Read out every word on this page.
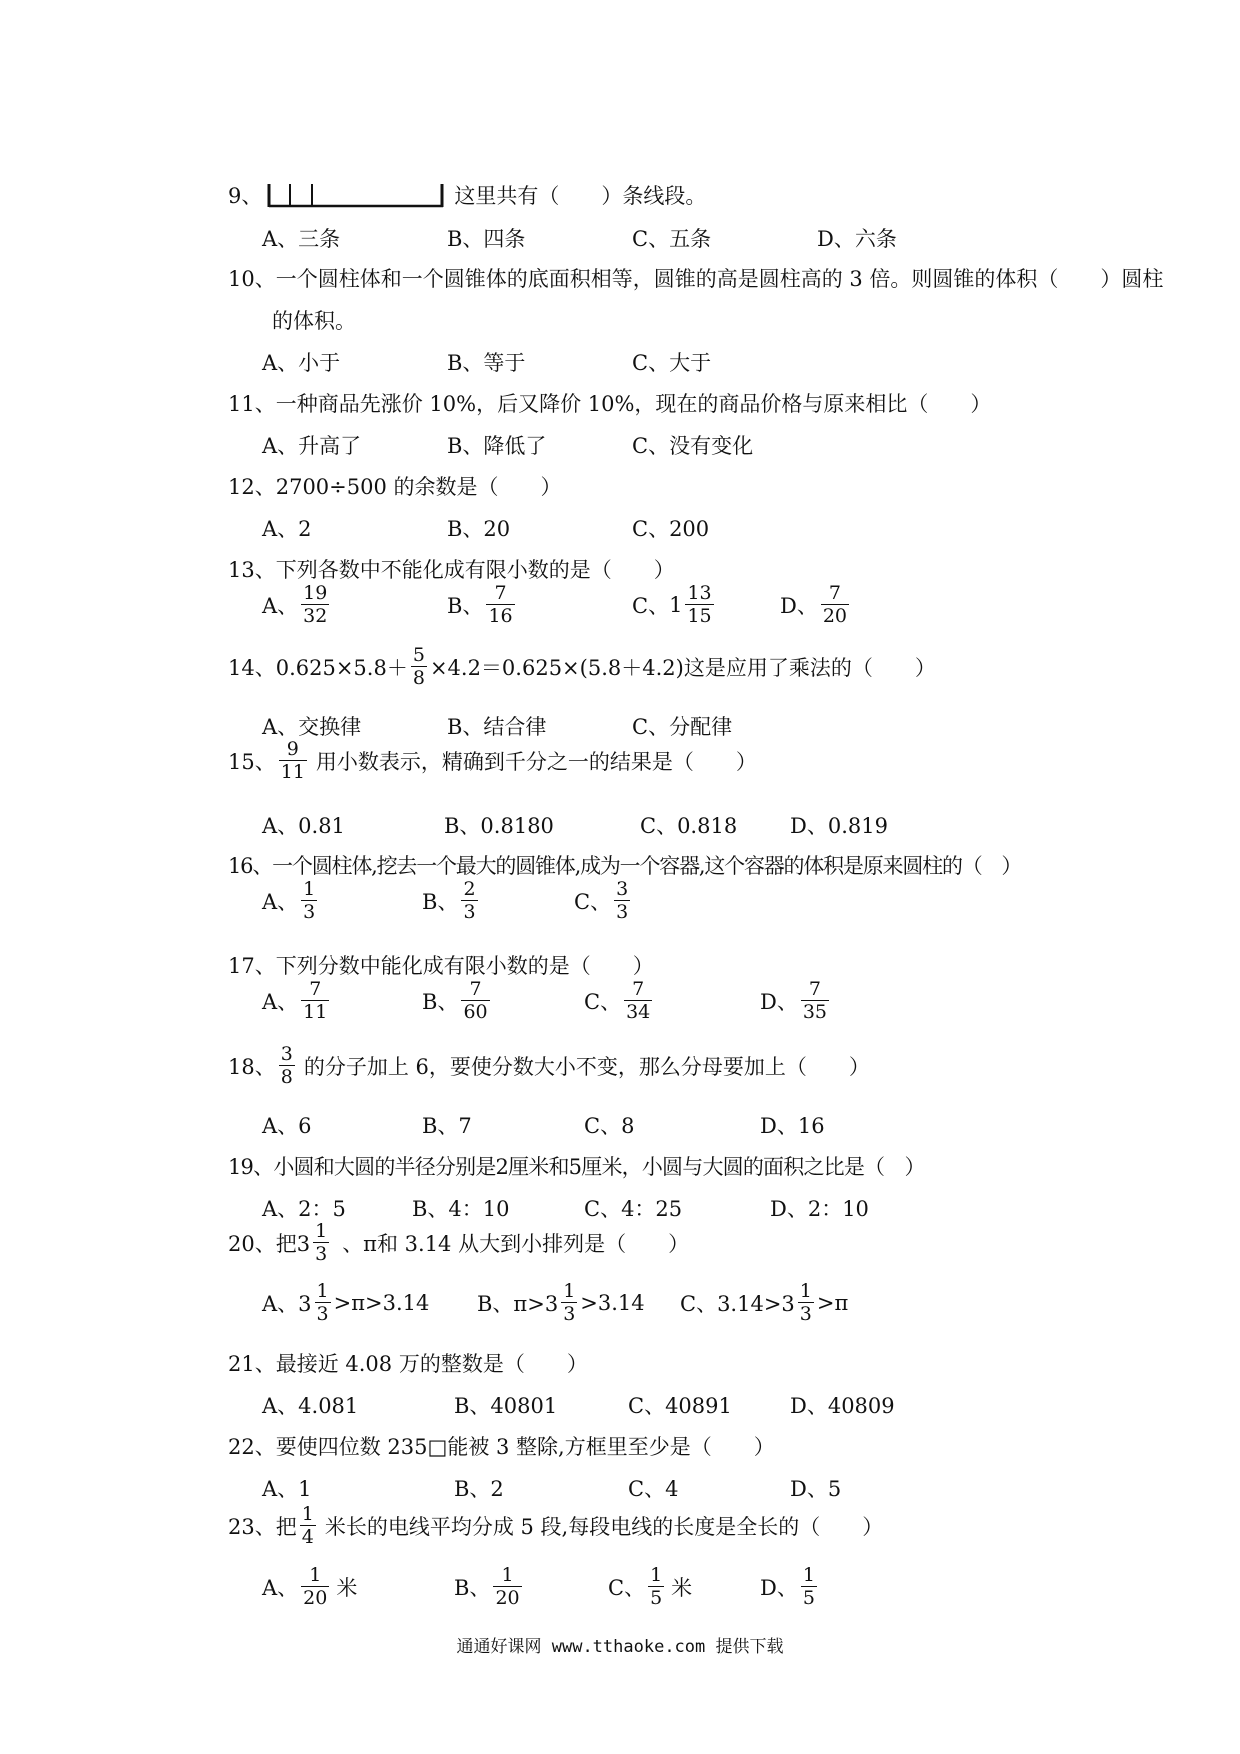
9、	这里共有（　　）条线段。
A、三条	B、四条	C、五条	D、六条
10、一个圆柱体和一个圆锥体的底面积相等，圆锥的高是圆柱高的 3 倍。则圆锥的体积（　　）圆柱
的体积。
A、小于	B、等于	C、大于
11、一种商品先涨价 10%，后又降价 10%，现在的商品价格与原来相比（　　）
A、升高了	B、降低了	C、没有变化
12、2700÷500 的余数是（　　）
A、2	B、20	C、200
13、下列各数中不能化成有限小数的是（　　）
A、 $\frac{19}{32}$	B、 $\frac{7}{16}$	C、 $1 \frac{13}{15}$	D、 $\frac{7}{20}$
14、$0.625\times 5.8+ \frac{5}{8} \times 4.2=0.625\times(5.8+4.2)$这是应用了乘法的（　　）
A、交换律	B、结合律	C、分配律
15、 $\frac{9}{11}$ 用小数表示，精确到千分之一的结果是（　　）
A、0.81	B、0.8180	C、0.818	D、0.819
16、一个圆柱体,挖去一个最大的圆锥体,成为一个容器,这个容器的体积是原来圆柱的（　）
A、 $\frac{1}{3}$	B、 $\frac{2}{3}$	C、 $\frac{3}{3}$
17、下列分数中能化成有限小数的是（　　）
A、 $\frac{7}{11}$	B、 $\frac{7}{60}$	C、 $\frac{7}{34}$	D、 $\frac{7}{35}$
18、 $\frac{3}{8}$ 的分子加上 6，要使分数大小不变，那么分母要加上（　　）
A、6	B、7	C、8	D、16
19、小圆和大圆的半径分别是2厘米和5厘米，小圆与大圆的面积之比是（　）
A、2：5	B、4：10	C、4：25	D、2：10
20、把$3 \frac{1}{3}$ 、π和 3.14 从大到小排列是（　　）
A、$3 \frac{1}{3} >\pi>3.14$ B、$\pi>3 \frac{1}{3} >3.14$ C、$3.14>3 \frac{1}{3} >\pi$
21、最接近 4.08 万的整数是（　　）
A、4.081	B、40801	C、40891	D、40809
22、要使四位数 235□能被 3 整除,方框里至少是（　　）
A、1	B、2	C、4	D、5
23、把 $\frac{1}{4}$ 米长的电线平均分成 5 段,每段电线的长度是全长的（　　）
A、 $\frac{1}{20}$ 米	B、 $\frac{1}{20}$	C、 $\frac{1}{5}$ 米	D、 $\frac{1}{5}$
通通好课网 www.tthaoke.com 提供下载
